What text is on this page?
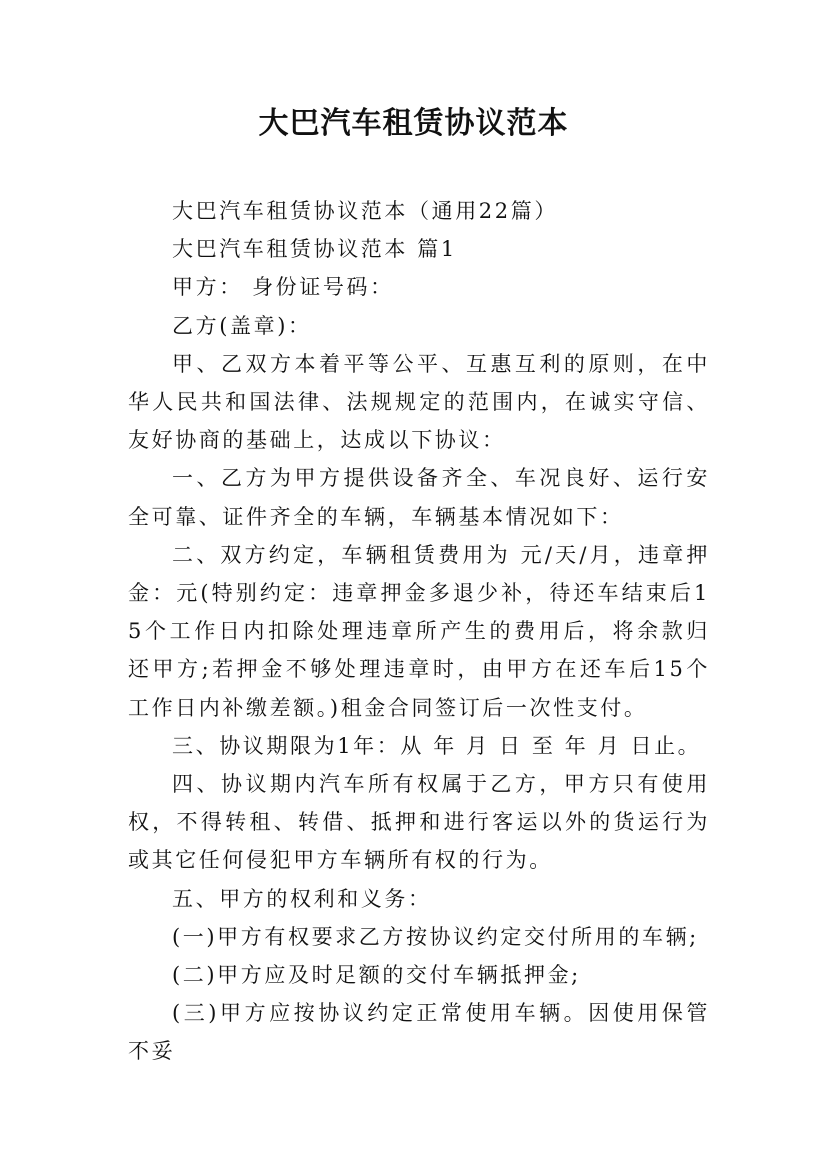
大巴汽车租赁协议范本

大巴汽车租赁协议范本（通用22篇）

大巴汽车租赁协议范本 篇1

甲方： 身份证号码：

乙方(盖章)：

甲、乙双方本着平等公平、互惠互利的原则，在中华人民共和国法律、法规规定的范围内，在诚实守信、友好协商的基础上，达成以下协议：

一、乙方为甲方提供设备齐全、车况良好、运行安全可靠、证件齐全的车辆，车辆基本情况如下：

二、双方约定，车辆租赁费用为 元/天/月，违章押金：元(特别约定：违章押金多退少补，待还车结束后15个工作日内扣除处理违章所产生的费用后，将余款归还甲方;若押金不够处理违章时，由甲方在还车后15个工作日内补缴差额。)租金合同签订后一次性支付。

三、协议期限为1年：从 年 月 日 至 年 月 日止。

四、协议期内汽车所有权属于乙方，甲方只有使用权，不得转租、转借、抵押和进行客运以外的货运行为或其它任何侵犯甲方车辆所有权的行为。

五、甲方的权利和义务：

(一)甲方有权要求乙方按协议约定交付所用的车辆;

(二)甲方应及时足额的交付车辆抵押金;

(三)甲方应按协议约定正常使用车辆。因使用保管不妥
